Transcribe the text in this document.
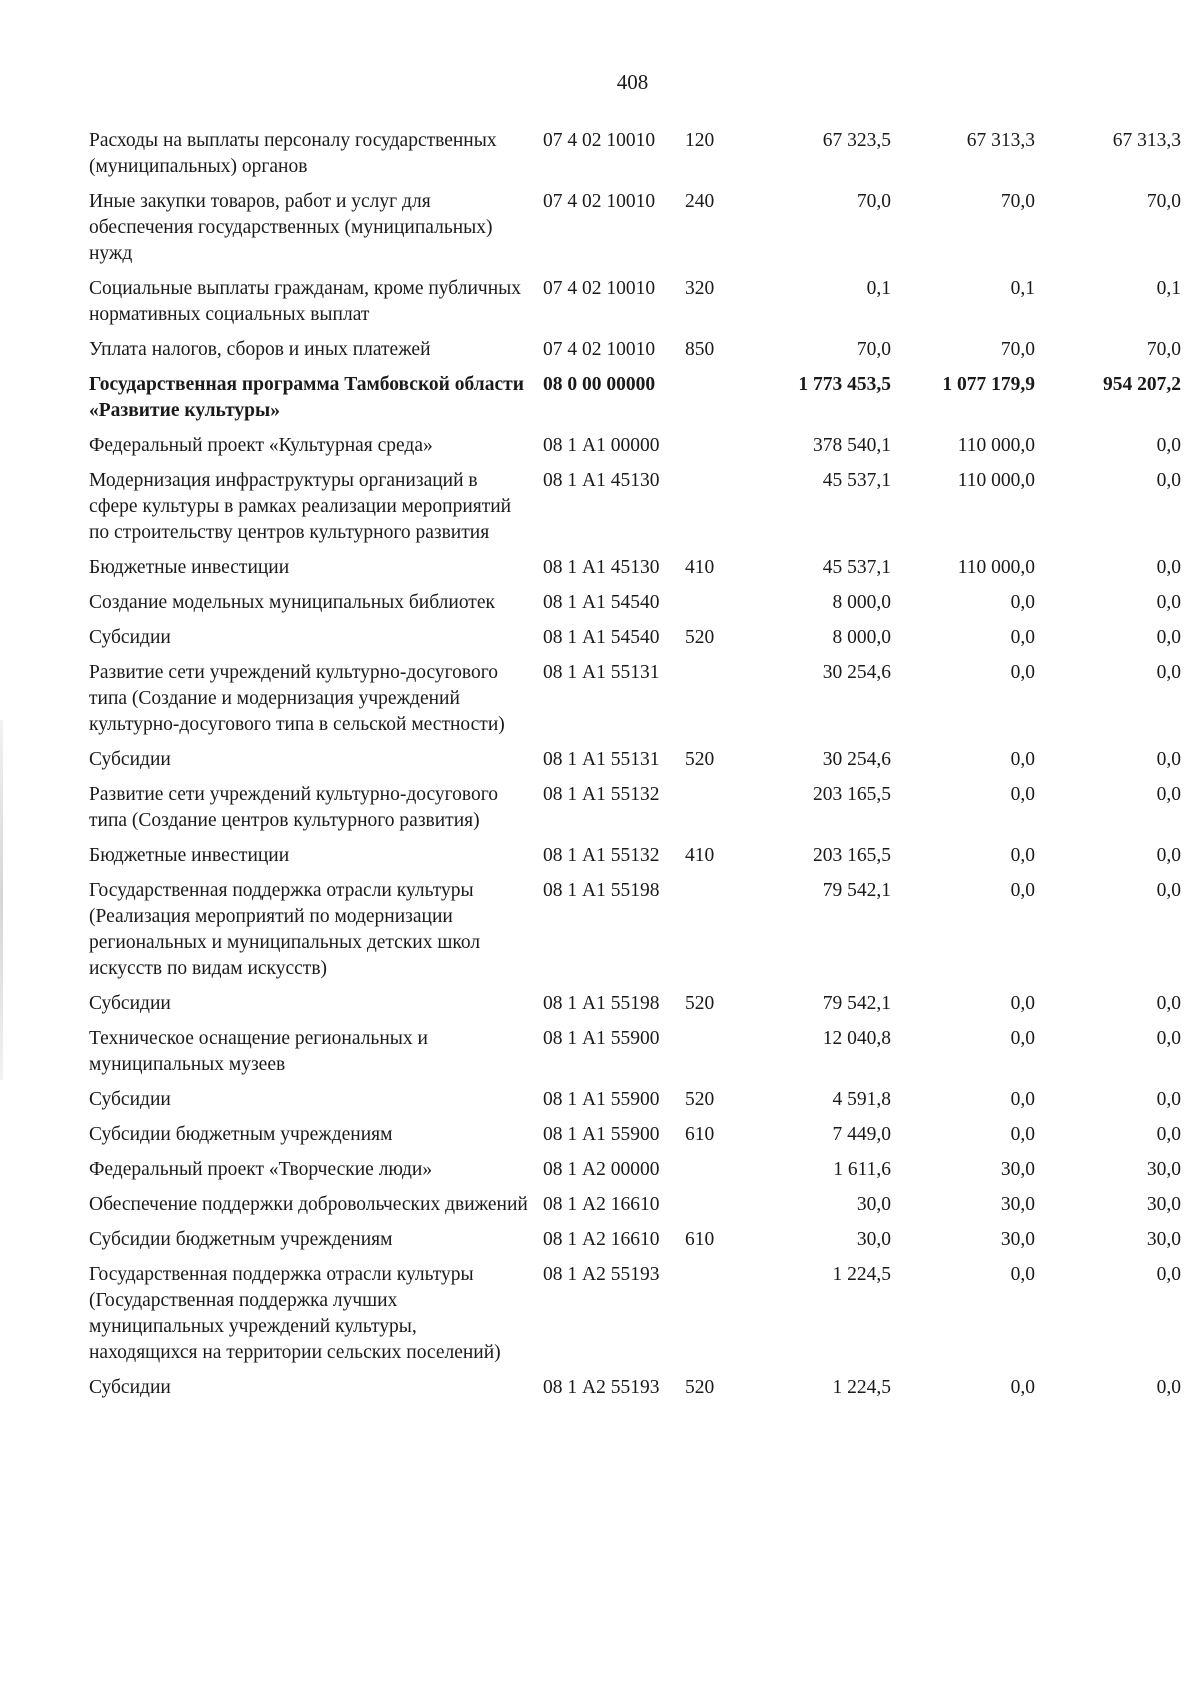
408
Расходы на выплаты персоналу государственных (муниципальных) органов	07 4 02 10010	120	67 323,5	67 313,3	67 313,3
Иные закупки товаров, работ и услуг для обеспечения государственных (муниципальных) нужд	07 4 02 10010	240	70,0	70,0	70,0
Социальные выплаты гражданам, кроме публичных нормативных социальных выплат	07 4 02 10010	320	0,1	0,1	0,1
Уплата налогов, сборов и иных платежей	07 4 02 10010	850	70,0	70,0	70,0
Государственная программа Тамбовской области «Развитие культуры»	08 0 00 00000		1 773 453,5	1 077 179,9	954 207,2
Федеральный проект «Культурная среда»	08 1 А1 00000		378 540,1	110 000,0	0,0
Модернизация инфраструктуры организаций в сфере культуры в рамках реализации мероприятий по строительству центров культурного развития	08 1 А1 45130		45 537,1	110 000,0	0,0
Бюджетные инвестиции	08 1 А1 45130	410	45 537,1	110 000,0	0,0
Создание модельных муниципальных библиотек	08 1 А1 54540		8 000,0	0,0	0,0
Субсидии	08 1 А1 54540	520	8 000,0	0,0	0,0
Развитие сети учреждений культурно-досугового типа (Создание и модернизация учреждений культурно-досугового типа в сельской местности)	08 1 А1 55131		30 254,6	0,0	0,0
Субсидии	08 1 А1 55131	520	30 254,6	0,0	0,0
Развитие сети учреждений культурно-досугового типа (Создание центров культурного развития)	08 1 А1 55132		203 165,5	0,0	0,0
Бюджетные инвестиции	08 1 А1 55132	410	203 165,5	0,0	0,0
Государственная поддержка отрасли культуры (Реализация мероприятий по модернизации региональных и муниципальных детских школ искусств по видам искусств)	08 1 А1 55198		79 542,1	0,0	0,0
Субсидии	08 1 А1 55198	520	79 542,1	0,0	0,0
Техническое оснащение региональных и муниципальных музеев	08 1 А1 55900		12 040,8	0,0	0,0
Субсидии	08 1 А1 55900	520	4 591,8	0,0	0,0
Субсидии бюджетным учреждениям	08 1 А1 55900	610	7 449,0	0,0	0,0
Федеральный проект «Творческие люди»	08 1 А2 00000		1 611,6	30,0	30,0
Обеспечение поддержки добровольческих движений	08 1 А2 16610		30,0	30,0	30,0
Субсидии бюджетным учреждениям	08 1 А2 16610	610	30,0	30,0	30,0
Государственная поддержка отрасли культуры (Государственная поддержка лучших муниципальных учреждений культуры, находящихся на территории сельских поселений)	08 1 А2 55193		1 224,5	0,0	0,0
Субсидии	08 1 А2 55193	520	1 224,5	0,0	0,0
